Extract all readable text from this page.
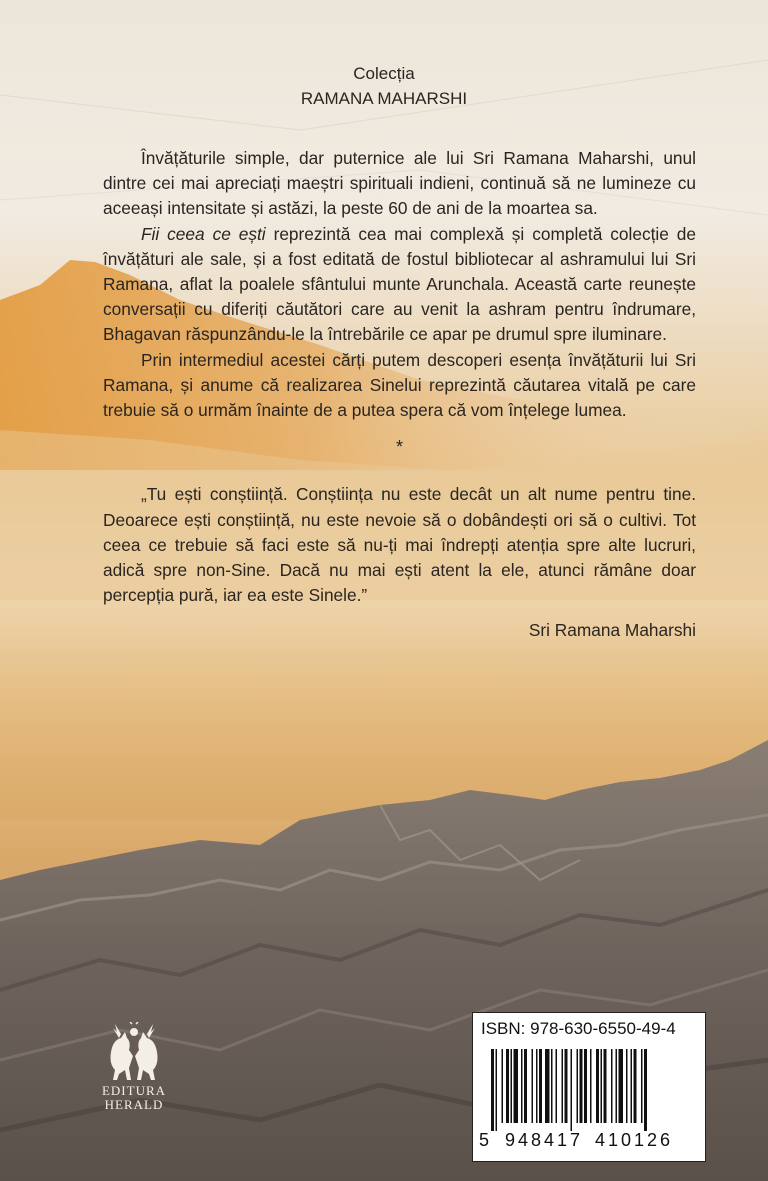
Colecția
RAMANA MAHARSHI

Învățăturile simple, dar puternice ale lui Sri Ramana Maharshi, unul dintre cei mai apreciați maeștri spirituali indieni, continuă să ne lumineze cu aceeași intensitate și astăzi, la peste 60 de ani de la moartea sa.

Fii ceea ce ești reprezintă cea mai complexă și completă colecție de învățături ale sale, și a fost editată de fostul bibliotecar al ashramului lui Sri Ramana, aflat la poalele sfântului munte Arunchala. Această carte reunește conversații cu diferiți căutători care au venit la ashram pentru îndrumare, Bhagavan răspunzându-le la întrebările ce apar pe drumul spre iluminare.

Prin intermediul acestei cărți putem descoperi esența învățăturii lui Sri Ramana, și anume că realizarea Sinelui reprezintă căutarea vitală pe care trebuie să o urmăm înainte de a putea spera că vom înțelege lumea.

*

„Tu ești conștiință. Conștiința nu este decât un alt nume pentru tine. Deoarece ești conștiință, nu este nevoie să o dobândești ori să o cultivi. Tot ceea ce trebuie să faci este să nu-ți mai îndrepți atenția spre alte lucruri, adică spre non-Sine. Dacă nu mai ești atent la ele, atunci rămâne doar percepția pură, iar ea este Sinele.”

Sri Ramana Maharshi

EDITURA
HERALD
ISBN: 978-630-6550-49-4
5 948417 410126
